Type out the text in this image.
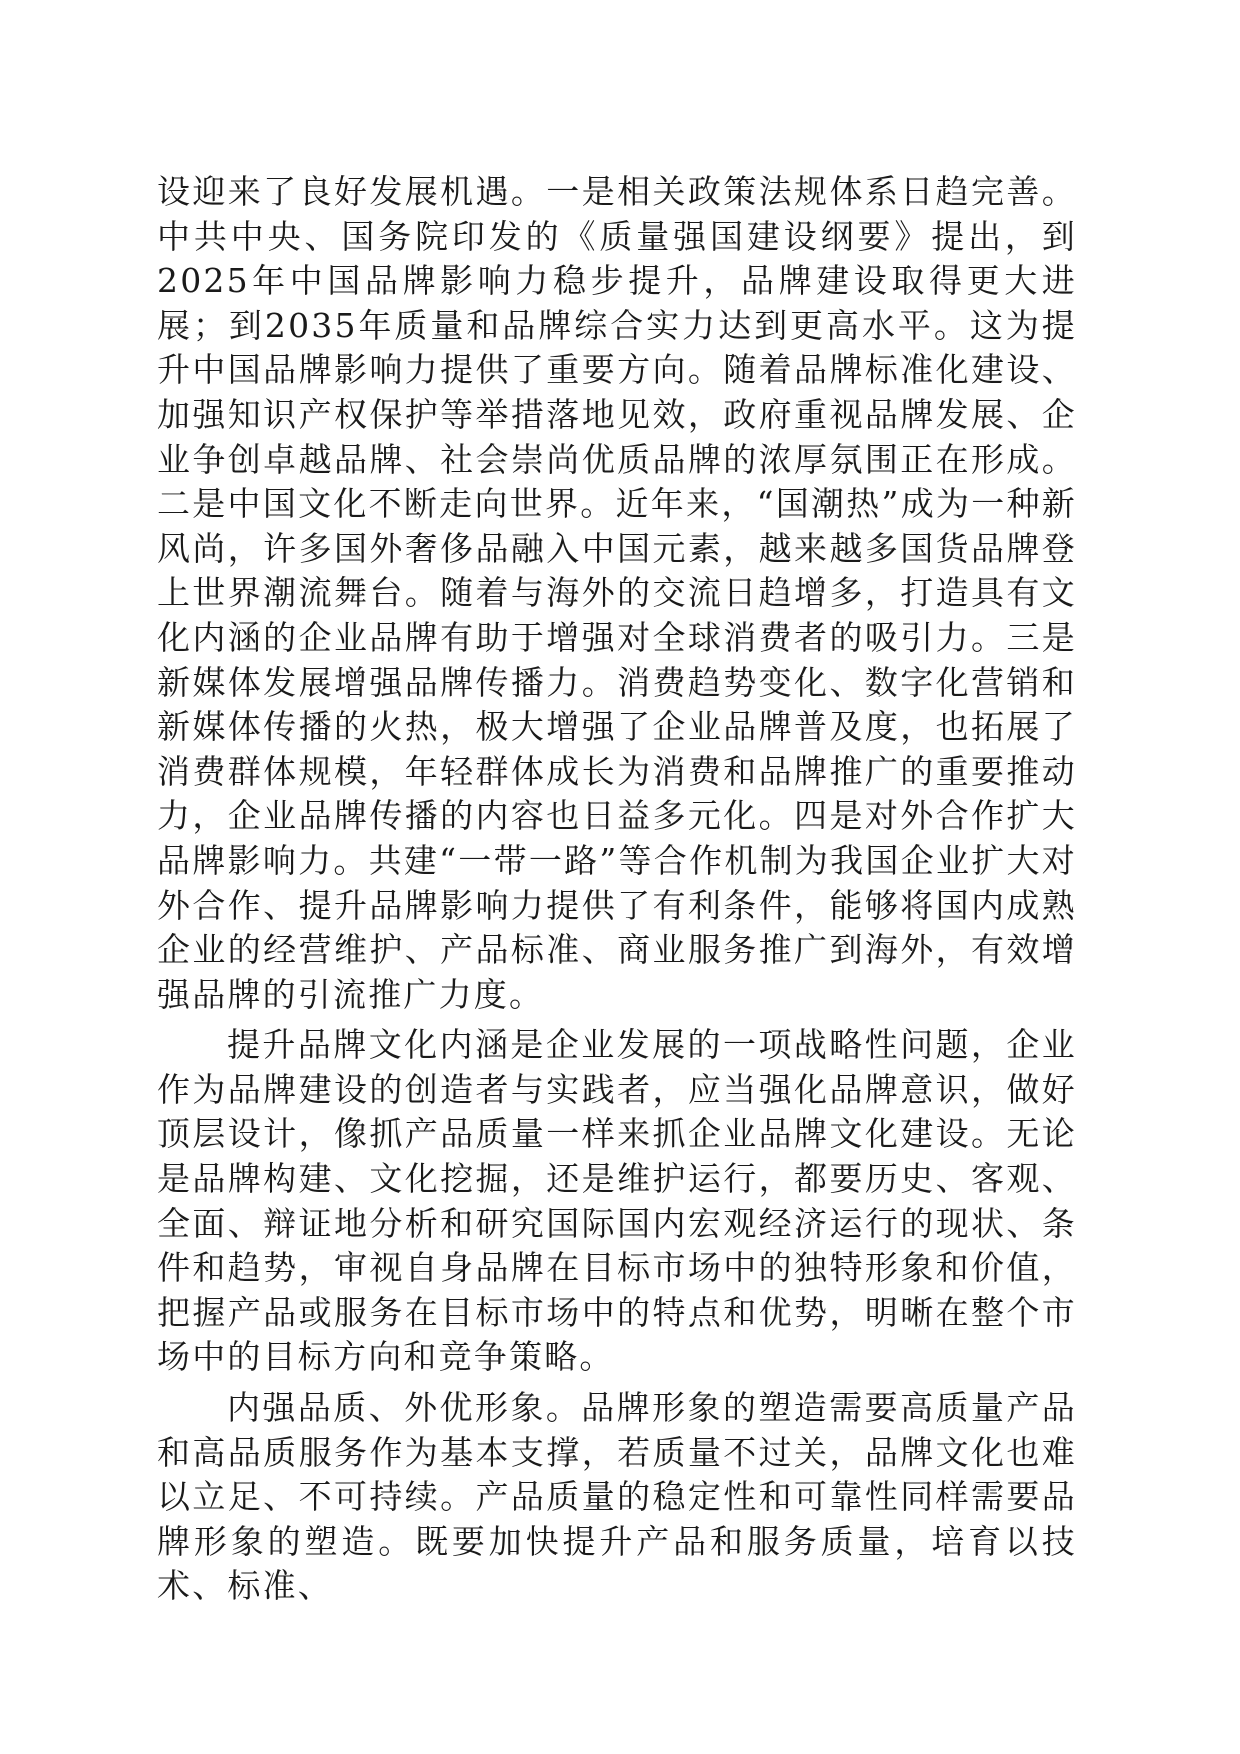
设迎来了良好发展机遇。一是相关政策法规体系日趋完善。中共中央、国务院印发的《质量强国建设纲要》提出，到2025年中国品牌影响力稳步提升，品牌建设取得更大进展；到2035年质量和品牌综合实力达到更高水平。这为提升中国品牌影响力提供了重要方向。随着品牌标准化建设、加强知识产权保护等举措落地见效，政府重视品牌发展、企业争创卓越品牌、社会崇尚优质品牌的浓厚氛围正在形成。二是中国文化不断走向世界。近年来，“国潮热”成为一种新风尚，许多国外奢侈品融入中国元素，越来越多国货品牌登上世界潮流舞台。随着与海外的交流日趋增多，打造具有文化内涵的企业品牌有助于增强对全球消费者的吸引力。三是新媒体发展增强品牌传播力。消费趋势变化、数字化营销和新媒体传播的火热，极大增强了企业品牌普及度，也拓展了消费群体规模，年轻群体成长为消费和品牌推广的重要推动力，企业品牌传播的内容也日益多元化。四是对外合作扩大品牌影响力。共建“一带一路”等合作机制为我国企业扩大对外合作、提升品牌影响力提供了有利条件，能够将国内成熟企业的经营维护、产品标准、商业服务推广到海外，有效增强品牌的引流推广力度。

提升品牌文化内涵是企业发展的一项战略性问题，企业作为品牌建设的创造者与实践者，应当强化品牌意识，做好顶层设计，像抓产品质量一样来抓企业品牌文化建设。无论是品牌构建、文化挖掘，还是维护运行，都要历史、客观、全面、辩证地分析和研究国际国内宏观经济运行的现状、条件和趋势，审视自身品牌在目标市场中的独特形象和价值，把握产品或服务在目标市场中的特点和优势，明晰在整个市场中的目标方向和竞争策略。

内强品质、外优形象。品牌形象的塑造需要高质量产品和高品质服务作为基本支撑，若质量不过关，品牌文化也难以立足、不可持续。产品质量的稳定性和可靠性同样需要品牌形象的塑造。既要加快提升产品和服务质量，培育以技术、标准、
